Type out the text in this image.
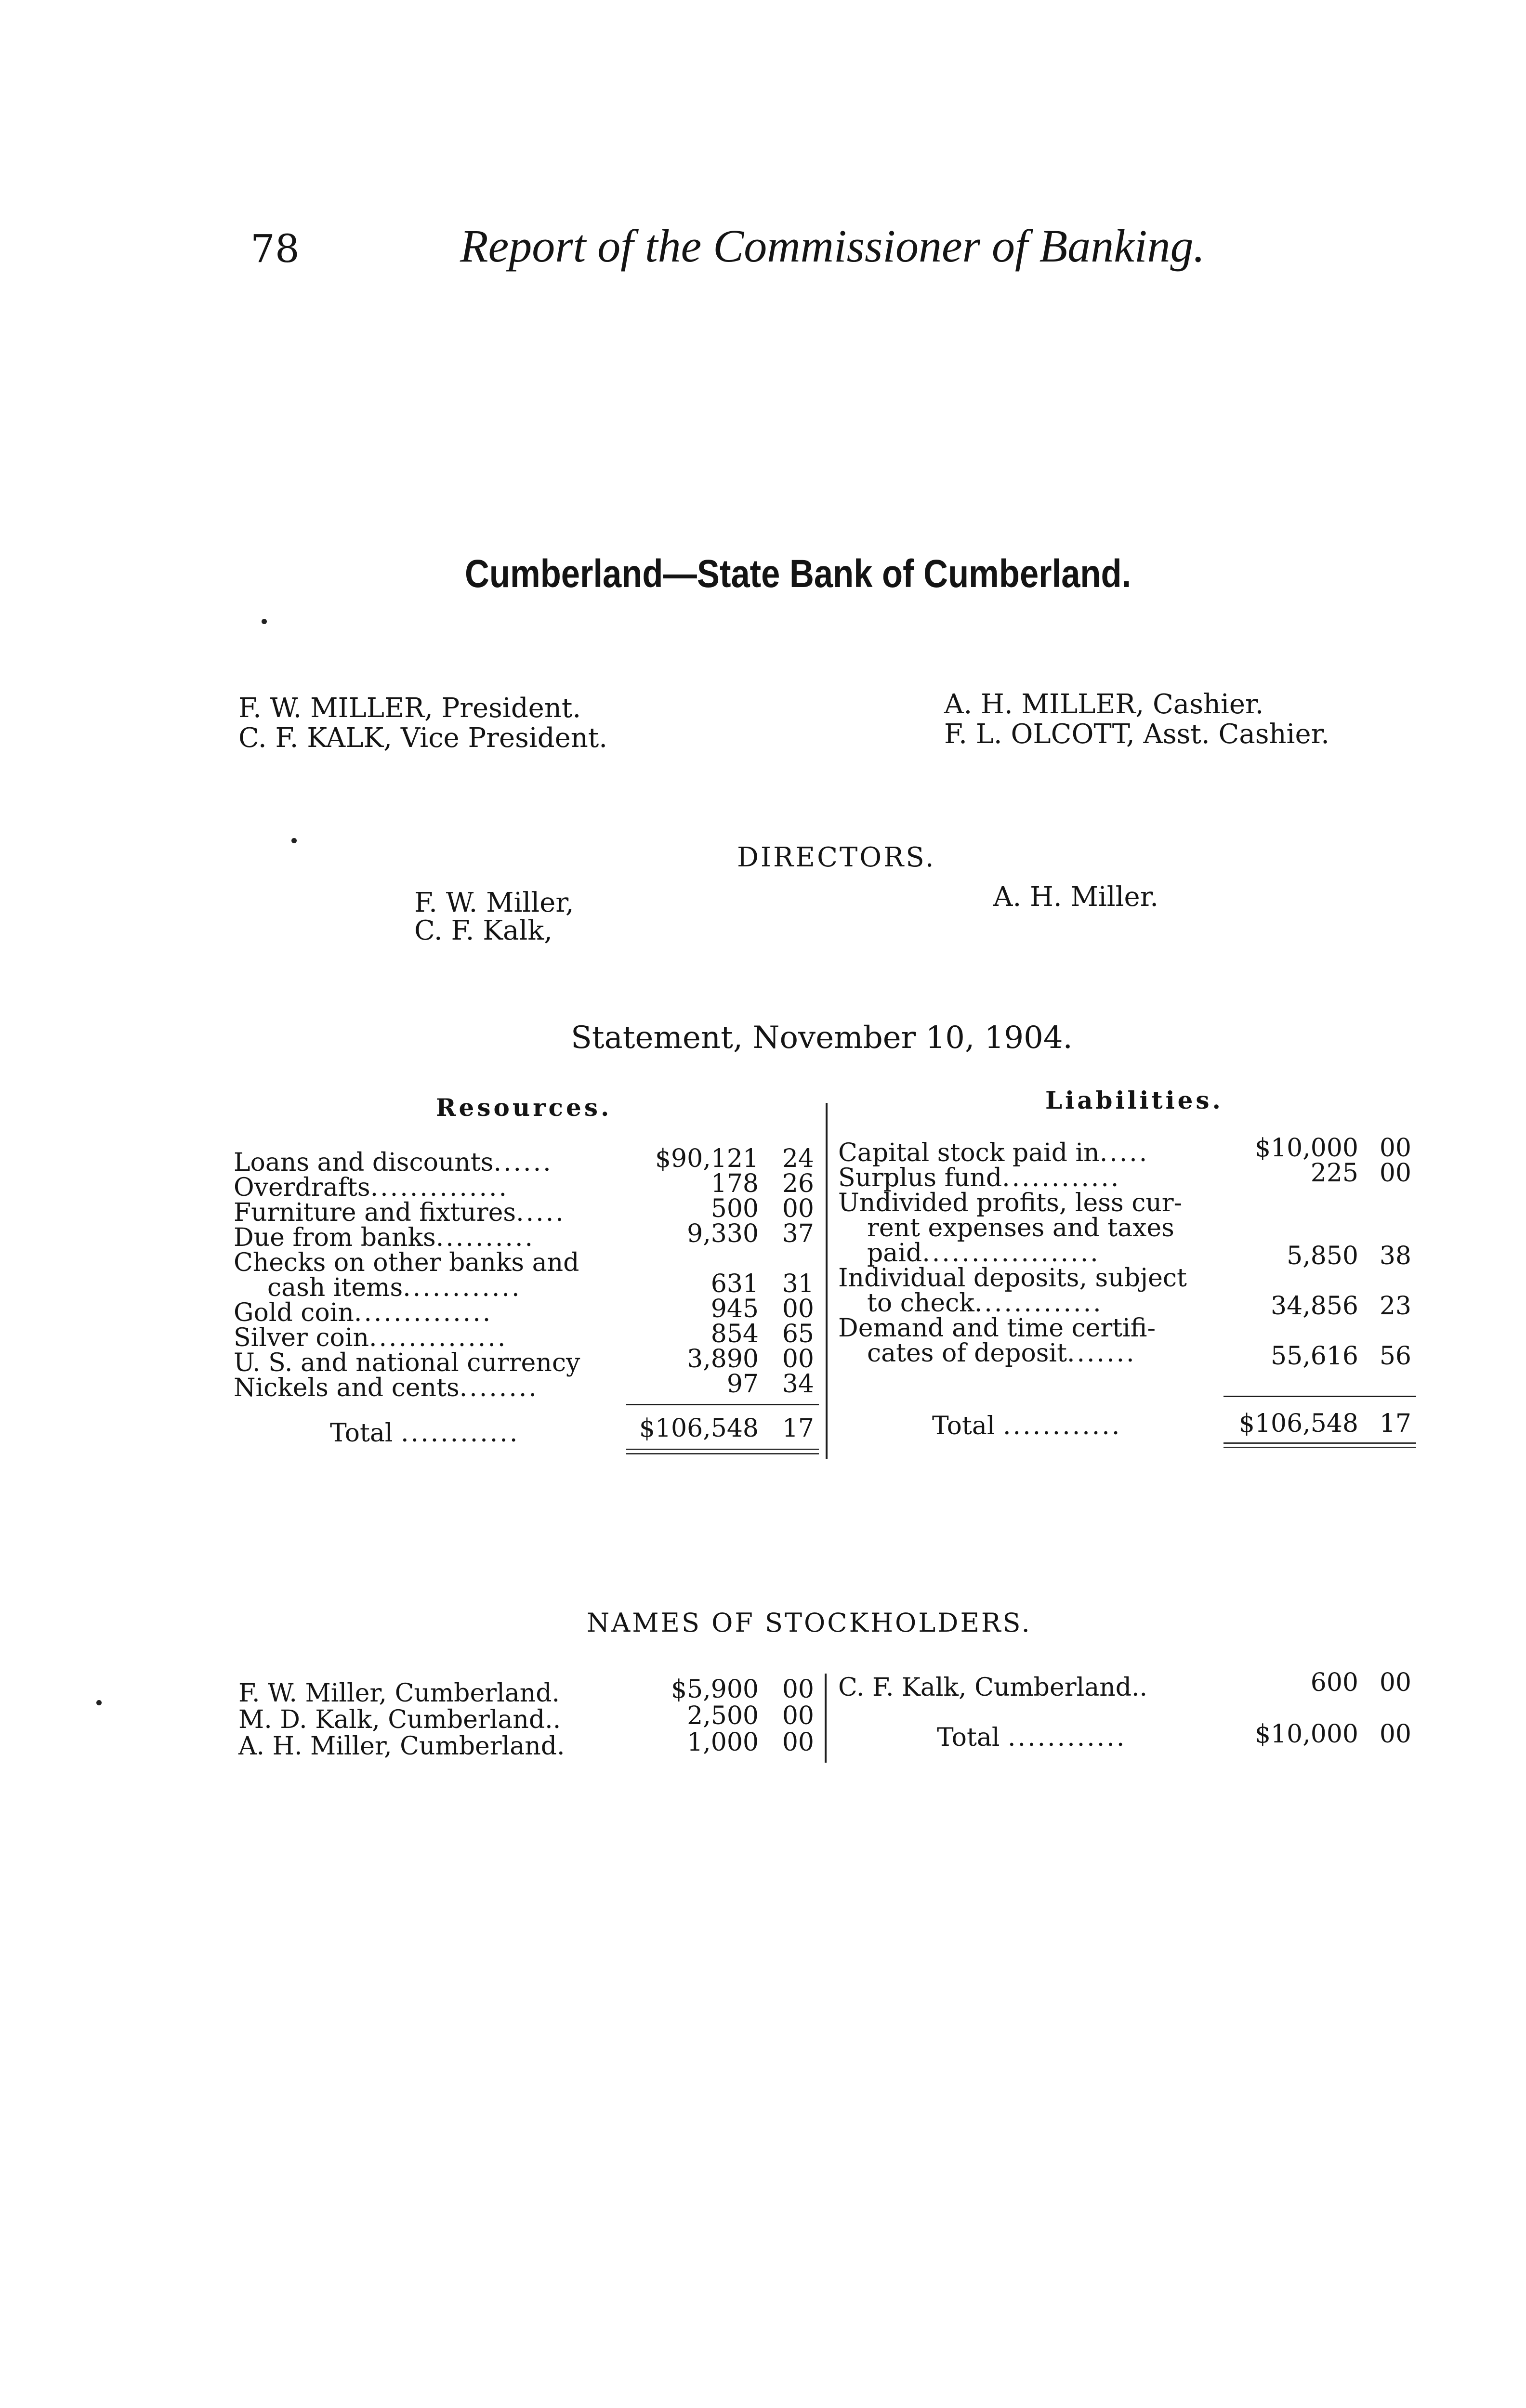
78	Report of the Commissioner of Banking.
Cumberland—State Bank of Cumberland.
F. W. MILLER, President.
C. F. KALK, Vice President.
A. H. MILLER, Cashier.
F. L. OLCOTT, Asst. Cashier.
DIRECTORS.
F. W. Miller,
C. F. Kalk,
A. H. Miller.
Statement, November 10, 1904.
Resources.	Liabilities.
Loans and discounts......	$90,121 24
Overdrafts..............	178 26
Furniture and fixtures.....	500 00
Due from banks..........	9,330 37
Checks on other banks and
cash items............	631 31
Gold coin..............	945 00
Silver coin..............	854 65
U. S. and national currency	3,890 00
Nickels and cents........	97 34
Capital stock paid in.....	$10,000 00
Surplus fund............	225 00
Undivided profits, less cur-
rent expenses and taxes
paid..................	5,850 38
Individual deposits, subject
to check.............	34,856 23
Demand and time certifi-
cates of deposit.......	55,616 56
Total ............	$106,548 17	Total ............	$106,548 17
NAMES OF STOCKHOLDERS.
F. W. Miller, Cumberland.	$5,900 00
M. D. Kalk, Cumberland..	2,500 00
A. H. Miller, Cumberland.	1,000 00
C. F. Kalk, Cumberland..	600 00
Total ............	$10,000 00
